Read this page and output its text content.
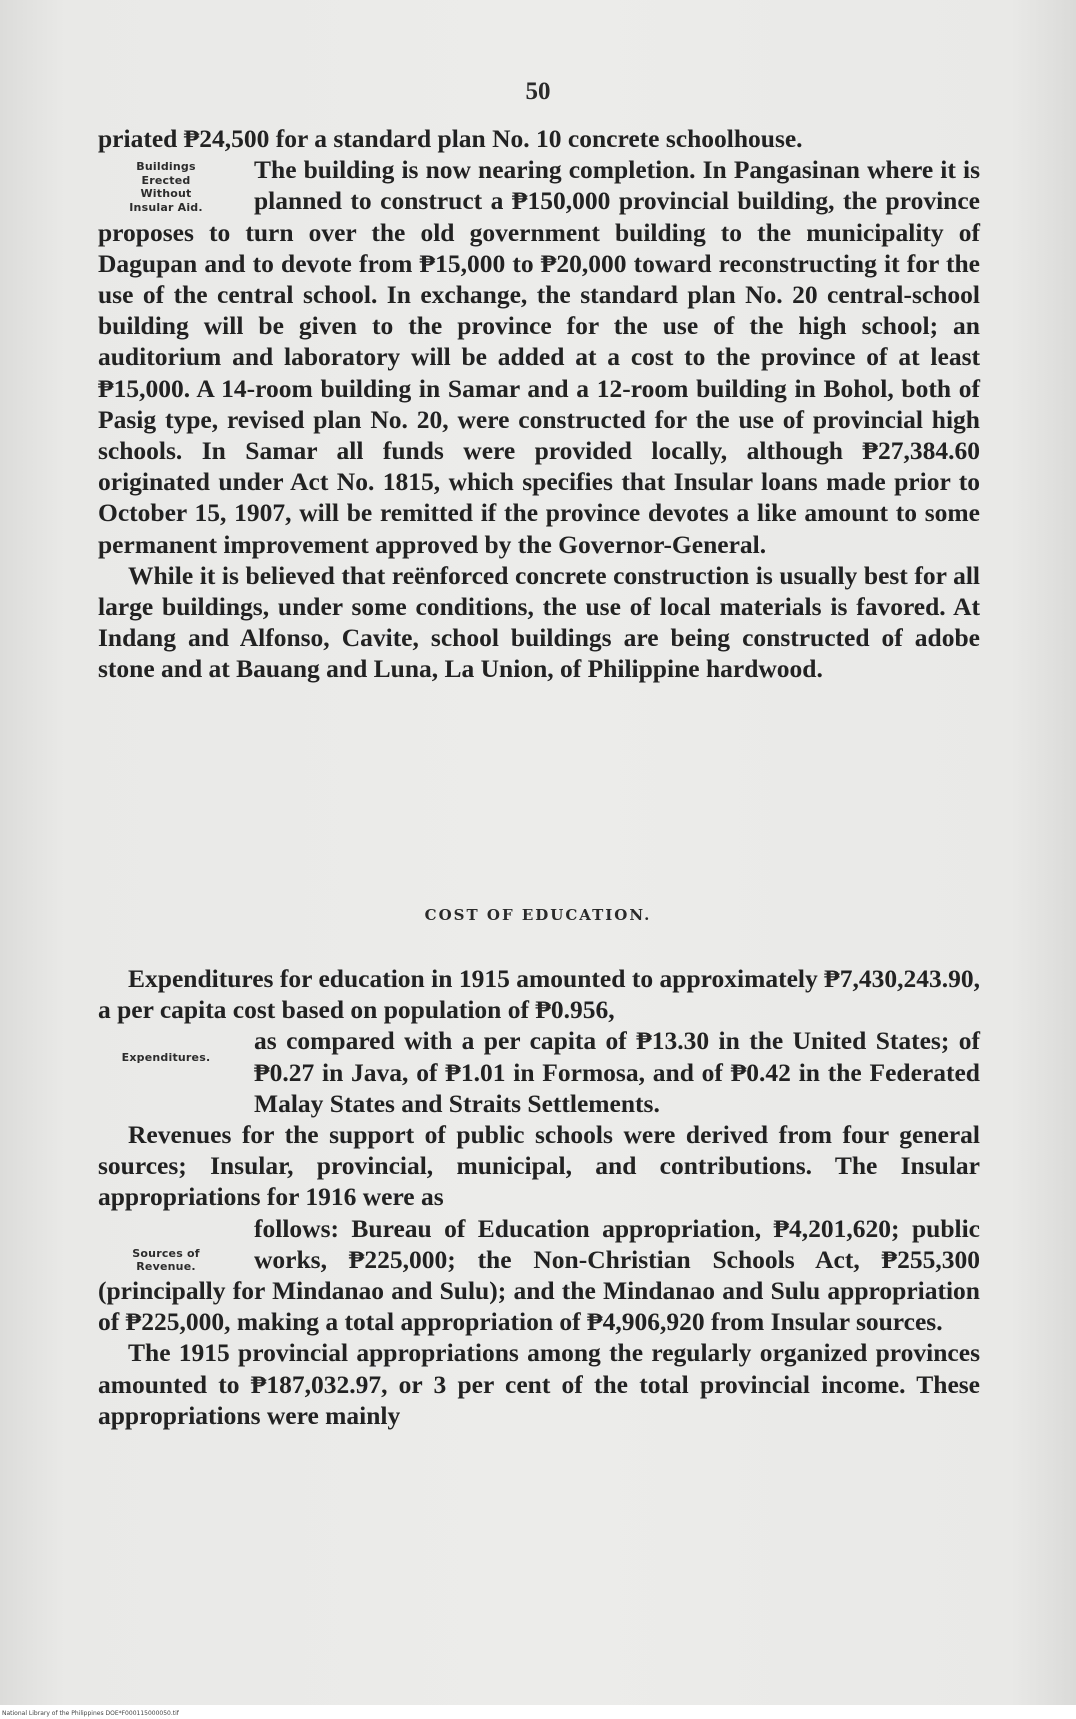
50

priated ₱24,500 for a standard plan No. 10 concrete schoolhouse.

Buildings
Erected
Without
Insular Aid.

The building is now nearing completion. In Pangasinan where it is planned to construct a ₱150,000 provincial building, the province proposes to turn over the old government building to the municipality of Dagupan and to devote from ₱15,000 to ₱20,000 toward reconstructing it for the use of the central school. In exchange, the standard plan No. 20 central-school building will be given to the province for the use of the high school; an auditorium and laboratory will be added at a cost to the province of at least ₱15,000. A 14-room building in Samar and a 12-room building in Bohol, both of Pasig type, revised plan No. 20, were constructed for the use of provincial high schools. In Samar all funds were provided locally, although ₱27,384.60 originated under Act No. 1815, which specifies that Insular loans made prior to October 15, 1907, will be remitted if the province devotes a like amount to some permanent improvement approved by the Governor-General.

While it is believed that reënforced concrete construction is usually best for all large buildings, under some conditions, the use of local materials is favored. At Indang and Alfonso, Cavite, school buildings are being constructed of adobe stone and at Bauang and Luna, La Union, of Philippine hardwood.

COST OF EDUCATION.

Expenditures for education in 1915 amounted to approximately ₱7,430,243.90, a per capita cost based on population of ₱0.956,

Expenditures.

as compared with a per capita of ₱13.30 in the United States; of ₱0.27 in Java, of ₱1.01 in Formosa, and of ₱0.42 in the Federated Malay States and Straits Settlements.

Revenues for the support of public schools were derived from four general sources; Insular, provincial, municipal, and contributions. The Insular appropriations for 1916 were as

Sources of
Revenue.

follows: Bureau of Education appropriation, ₱4,201,620; public works, ₱225,000; the Non-Christian Schools Act, ₱255,300 (principally for Mindanao and Sulu); and the Mindanao and Sulu appropriation of ₱225,000, making a total appropriation of ₱4,906,920 from Insular sources.

The 1915 provincial appropriations among the regularly organized provinces amounted to ₱187,032.97, or 3 per cent of the total provincial income. These appropriations were mainly

National Library of the Philippines DOE*F000115000050.tif
